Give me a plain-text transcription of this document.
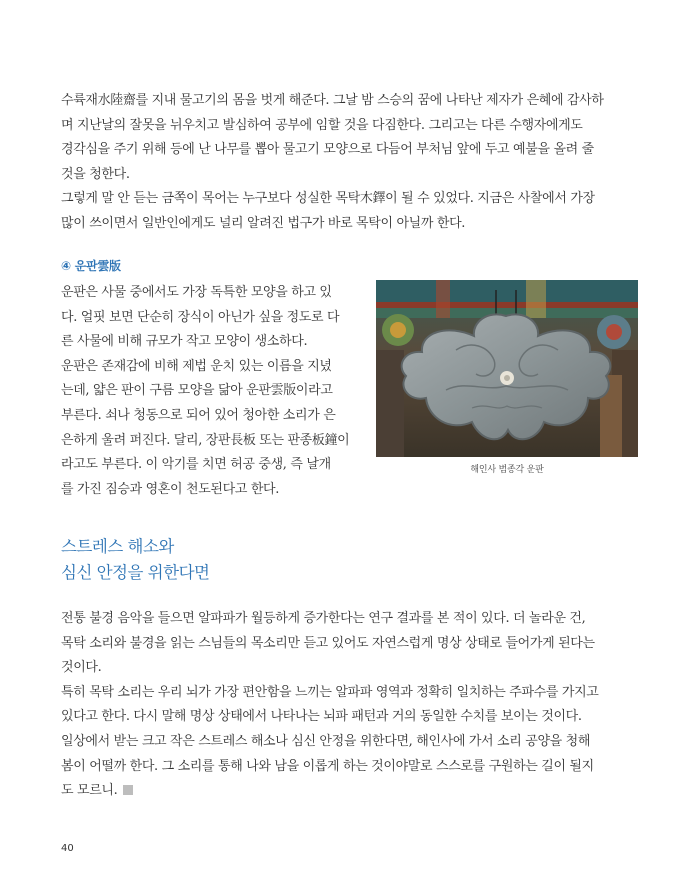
수륙재水陸齋를 지내 물고기의 몸을 벗게 해준다. 그날 밤 스승의 꿈에 나타난 제자가 은혜에 감사하
며 지난날의 잘못을 뉘우치고 발심하여 공부에 임할 것을 다짐한다. 그리고는 다른 수행자에게도
경각심을 주기 위해 등에 난 나무를 뽑아 물고기 모양으로 다듬어 부처님 앞에 두고 예불을 올려 줄
것을 청한다.
그렇게 말 안 듣는 금쪽이 목어는 누구보다 성실한 목탁木鐸이 될 수 있었다. 지금은 사찰에서 가장
많이 쓰이면서 일반인에게도 널리 알려진 법구가 바로 목탁이 아닐까 한다.
④ 운판雲版
운판은 사물 중에서도 가장 독특한 모양을 하고 있
다. 얼핏 보면 단순히 장식이 아닌가 싶을 정도로 다
른 사물에 비해 규모가 작고 모양이 생소하다.
운판은 존재감에 비해 제법 운치 있는 이름을 지녔
는데, 얇은 판이 구름 모양을 닮아 운판雲版이라고
부른다. 쇠나 청동으로 되어 있어 청아한 소리가 은
은하게 울려 퍼진다. 달리, 장판長板 또는 판종板鐘이
라고도 부른다. 이 악기를 치면 허공 중생, 즉 날개
를 가진 짐승과 영혼이 천도된다고 한다.
해인사 범종각 운판
스트레스 해소와
심신 안정을 위한다면
전통 불경 음악을 들으면 알파파가 월등하게 증가한다는 연구 결과를 본 적이 있다. 더 놀라운 건,
목탁 소리와 불경을 읽는 스님들의 목소리만 듣고 있어도 자연스럽게 명상 상태로 들어가게 된다는
것이다.
특히 목탁 소리는 우리 뇌가 가장 편안함을 느끼는 알파파 영역과 정확히 일치하는 주파수를 가지고
있다고 한다. 다시 말해 명상 상태에서 나타나는 뇌파 패턴과 거의 동일한 수치를 보이는 것이다.
일상에서 받는 크고 작은 스트레스 해소나 심신 안정을 위한다면, 해인사에 가서 소리 공양을 청해
봄이 어떨까 한다. 그 소리를 통해 나와 남을 이롭게 하는 것이야말로 스스로를 구원하는 길이 될지
도 모르니.
40
